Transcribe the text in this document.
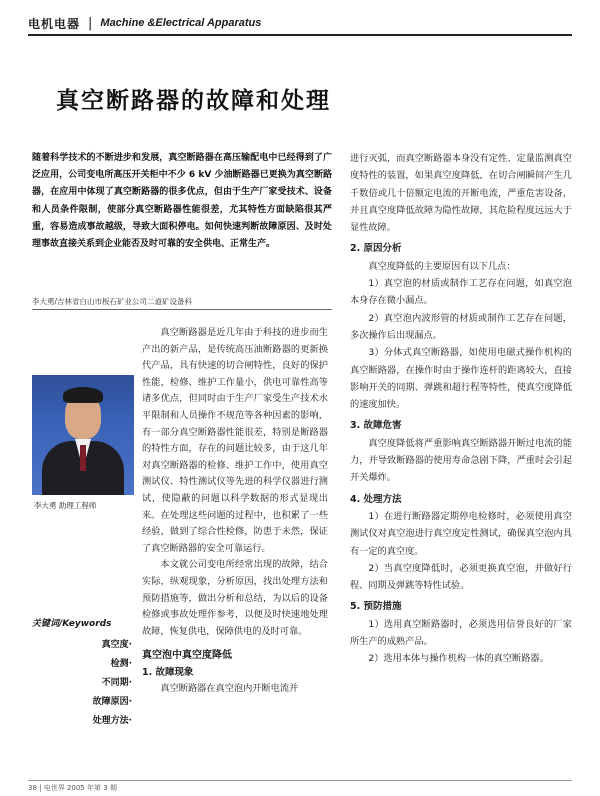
电机电器 | Machine &Electrical Apparatus
真空断路器的故障和处理
随着科学技术的不断进步和发展，真空断路器在高压输配电中已经得到了广泛应用，公司变电所高压开关柜中不少 6 kV 少油断路器已更换为真空断路器，在应用中体现了真空断路器的很多优点，但由于生产厂家受技术、设备和人员条件限制，使部分真空断路器性能很差，尤其特性方面缺陷很其严重，容易造成事故越级，导致大面积停电。如何快速判断故障原因、及时处理事故直接关系到企业能否及时可靠的安全供电、正常生产。
李大勇/吉林省白山市板石矿业公司二道矿设备科
李大勇 助理工程师
关键词/Keywords
真空度·
检测·
不同期·
故障原因·
处理方法·

真空断路器是近几年由于科技的进步而生产出的新产品，是传统高压油断路器的更新换代产品，具有快速的切合闸特性，良好的保护性能，检修、维护工作量小，供电可靠性高等诸多优点，但同时由于生产厂家受生产技术水平限制和人员操作不规范等各种因素的影响，有一部分真空断路器性能很差，特别是断路器的特性方面，存在的问题比较多，由于这几年对真空断路器的检修、维护工作中，使用真空测试仪、特性测试仪等先进的科学仪器进行测试，使隐蔽的问题以科学数据的形式显现出来。在处理这些问题的过程中，也积累了一些经验，做到了综合性检修，防患于未然，保证了真空断路器的安全可靠运行。

本文就公司变电所经常出现的故障，结合实际，纵观现象，分析原因，找出处理方法和预防措施等，做出分析和总结，为以后的设备检修或事故处理作参考，以便及时快速地处理故障，恢复供电，保障供电的及时可靠。

真空泡中真空度降低
1. 故障现象

真空断路器在真空泡内开断电流并

进行灭弧，而真空断路器本身没有定性、定量监测真空度特性的装置，如果真空度降低，在切合闸瞬间产生几千数倍或几十倍额定电流的开断电流，严重危害设备，并且真空度降低故障为隐性故障，其危险程度远远大于显性故障。

2. 原因分析

真空度降低的主要原因有以下几点：

1）真空泡的材质或制作工艺存在问题，如真空泡本身存在微小漏点。

2）真空泡内波形管的材质或制作工艺存在问题，多次操作后出现漏点。

3）分体式真空断路器，如使用电磁式操作机构的真空断路器，在操作时由于操作连杆的距离较大，直接影响开关的同期、弹跳和超行程等特性，使真空度降低的速度加快。

3. 故障危害

真空度降低将严重影响真空断路器开断过电流的能力，并导致断路器的使用寿命急剧下降，严重时会引起开关爆炸。

4. 处理方法

1）在进行断路器定期停电检修时，必须使用真空测试仪对真空泡进行真空度定性测试，确保真空泡内具有一定的真空度。

2）当真空度降低时，必须更换真空泡，并做好行程、同期及弹跳等特性试验。

5. 预防措施

1）选用真空断路器时，必须选用信誉良好的厂家所生产的成熟产品。

2）选用本体与操作机构一体的真空断路器。

38 | 电世界 2005 年第 3 期
